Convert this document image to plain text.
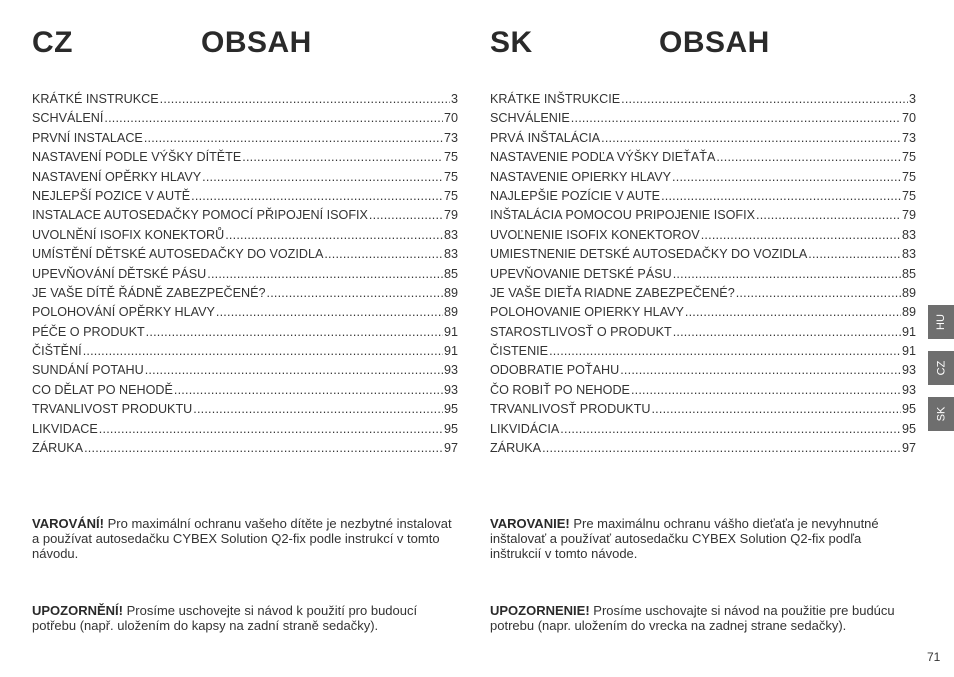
CZ	OBSAH
KRÁTKÉ INSTRUKCE .....	3
SCHVÁLENÍ .....	70
PRVNÍ INSTALACE .....	73
NASTAVENÍ PODLE VÝŠKY DÍTĚTE .....	75
NASTAVENÍ OPĚRKY HLAVY .....	75
NEJLEPŠÍ POZICE V AUTĚ .....	75
INSTALACE AUTOSEDAČKY POMOCÍ PŘIPOJENÍ ISOFIX .....	79
UVOLNĚNÍ ISOFIX KONEKTORŮ .....	83
UMÍSTĚNÍ DĚTSKÉ AUTOSEDAČKY DO VOZIDLA .....	83
UPEVŇOVÁNÍ DĚTSKÉ PÁSU .....	85
JE VAŠE DÍTĚ ŘÁDNĚ ZABEZPEČENÉ? .....	89
POLOHOVÁNÍ OPĚRKY HLAVY .....	89
PÉČE O PRODUKT .....	91
ČIŠTĚNÍ .....	91
SUNDÁNÍ POTAHU .....	93
CO DĚLAT PO NEHODĚ .....	93
TRVANLIVOST PRODUKTU .....	95
LIKVIDACE .....	95
ZÁRUKA .....	97

VAROVÁNÍ! Pro maximální ochranu vašeho dítěte je nezbytné instalovat a používat autosedačku CYBEX Solution Q2-fix podle instrukcí v tomto návodu.

UPOZORNĚNÍ! Prosíme uschovejte si návod k použití pro budoucí potřebu (např. uložením do kapsy na zadní straně sedačky).

SK	OBSAH
KRÁTKE INŠTRUKCIE .....	3
SCHVÁLENIE .....	70
PRVÁ INŠTALÁCIA .....	73
NASTAVENIE PODĽA VÝŠKY DIEŤAŤA .....	75
NASTAVENIE OPIERKY HLAVY .....	75
NAJLEPŠIE POZÍCIE V AUTE .....	75
INŠTALÁCIA POMOCOU PRIPOJENIE ISOFIX .....	79
UVOĽNENIE ISOFIX KONEKTOROV .....	83
UMIESTNENIE DETSKÉ AUTOSEDAČKY DO VOZIDLA .....	83
UPEVŇOVANIE DETSKÉ PÁSU .....	85
JE VAŠE DIEŤA RIADNE ZABEZPEČENÉ? .....	89
POLOHOVANIE OPIERKY HLAVY .....	89
STAROSTLIVOSŤ O PRODUKT .....	91
ČISTENIE .....	91
ODOBRATIE POŤAHU .....	93
ČO ROBIŤ PO NEHODE .....	93
TRVANLIVOSŤ PRODUKTU .....	95
LIKVIDÁCIA .....	95
ZÁRUKA .....	97

VAROVANIE! Pre maximálnu ochranu vášho dieťaťa je nevyhnutné inštalovať a používať autosedačku CYBEX Solution Q2-fix podľa inštrukcií v tomto návode.

UPOZORNENIE! Prosíme uschovajte si návod na použitie pre budúcu potrebu (napr. uložením do vrecka na zadnej strane sedačky).

HU
CZ
SK
71
